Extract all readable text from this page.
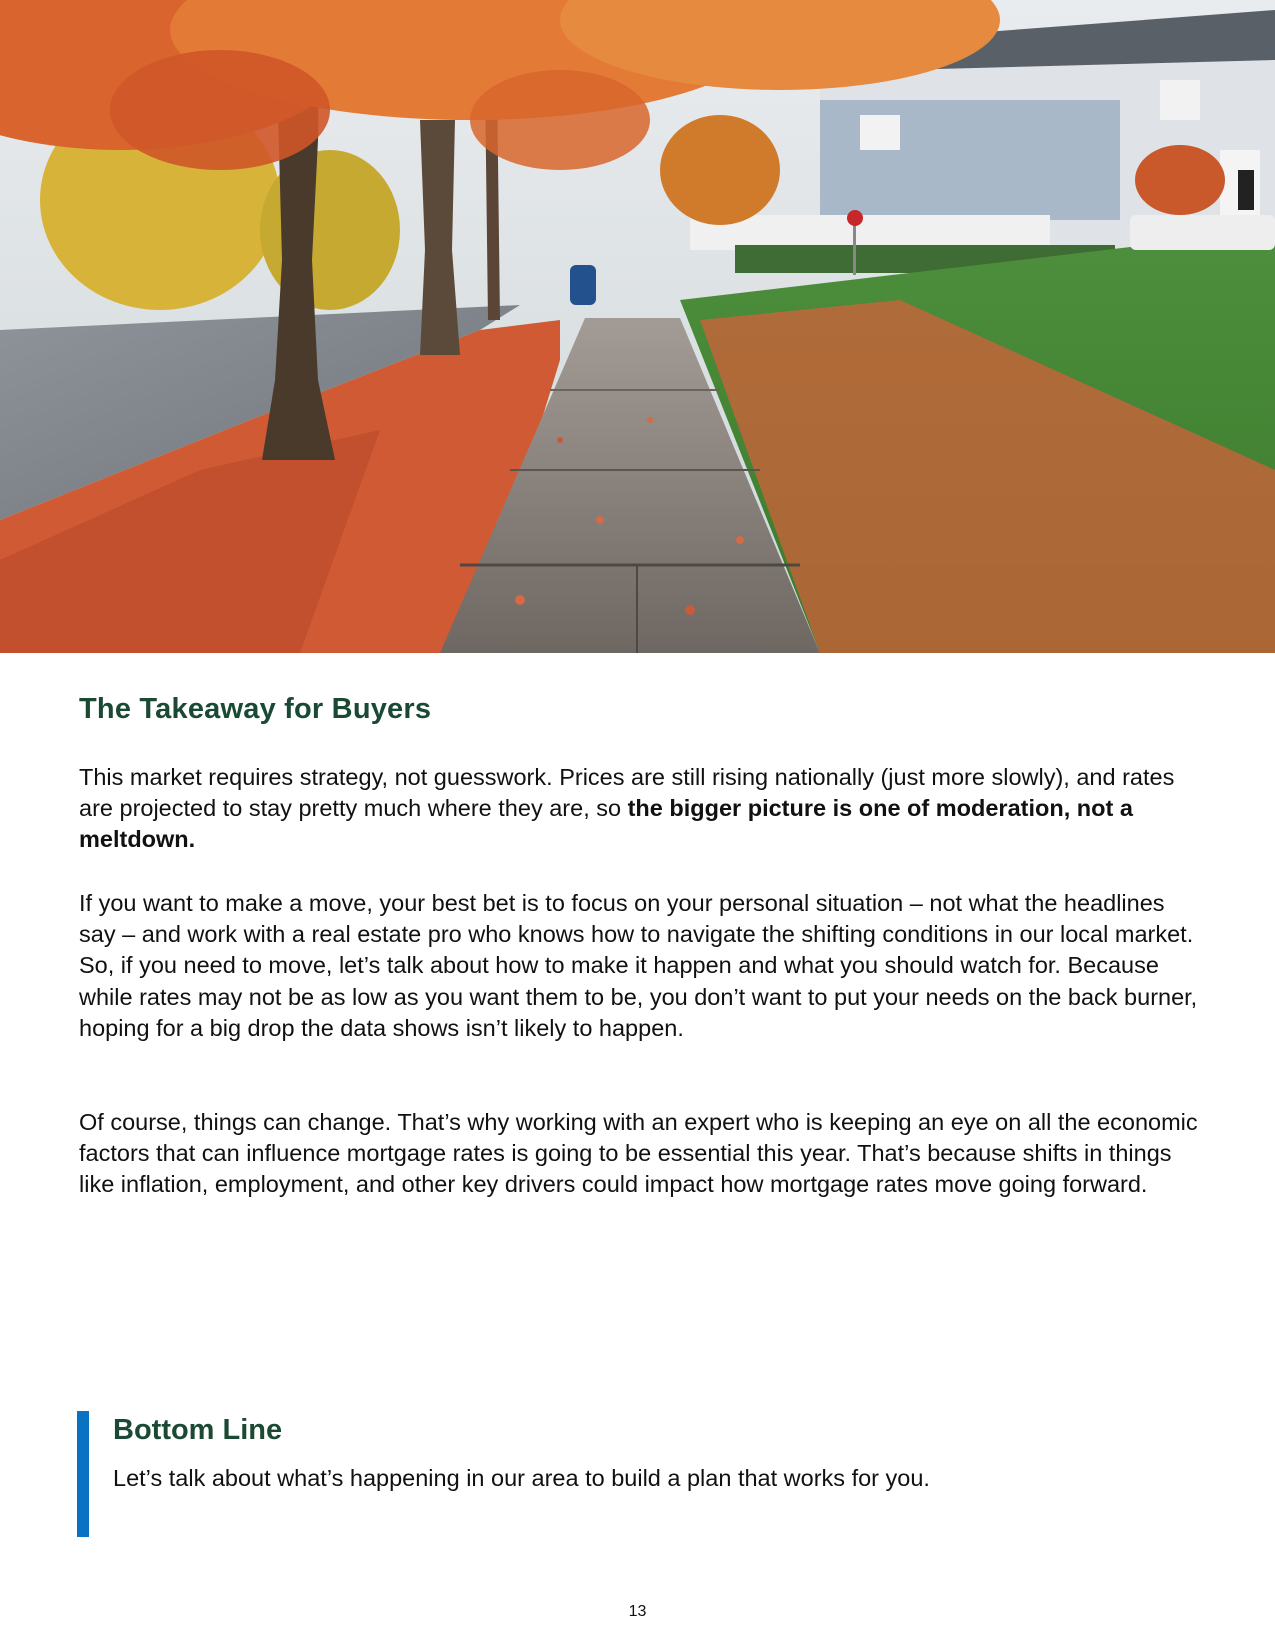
The Takeaway for Buyers

This market requires strategy, not guesswork. Prices are still rising nationally (just more slowly), and rates are projected to stay pretty much where they are, so the bigger picture is one of moderation, not a meltdown.

If you want to make a move, your best bet is to focus on your personal situation – not what the headlines say – and work with a real estate pro who knows how to navigate the shifting conditions in our local market. So, if you need to move, let’s talk about how to make it happen and what you should watch for. Because while rates may not be as low as you want them to be, you don’t want to put your needs on the back burner, hoping for a big drop the data shows isn’t likely to happen.

Of course, things can change. That’s why working with an expert who is keeping an eye on all the economic factors that can influence mortgage rates is going to be essential this year. That’s because shifts in things like inflation, employment, and other key drivers could impact how mortgage rates move going forward.

Bottom Line

Let’s talk about what’s happening in our area to build a plan that works for you.

13
